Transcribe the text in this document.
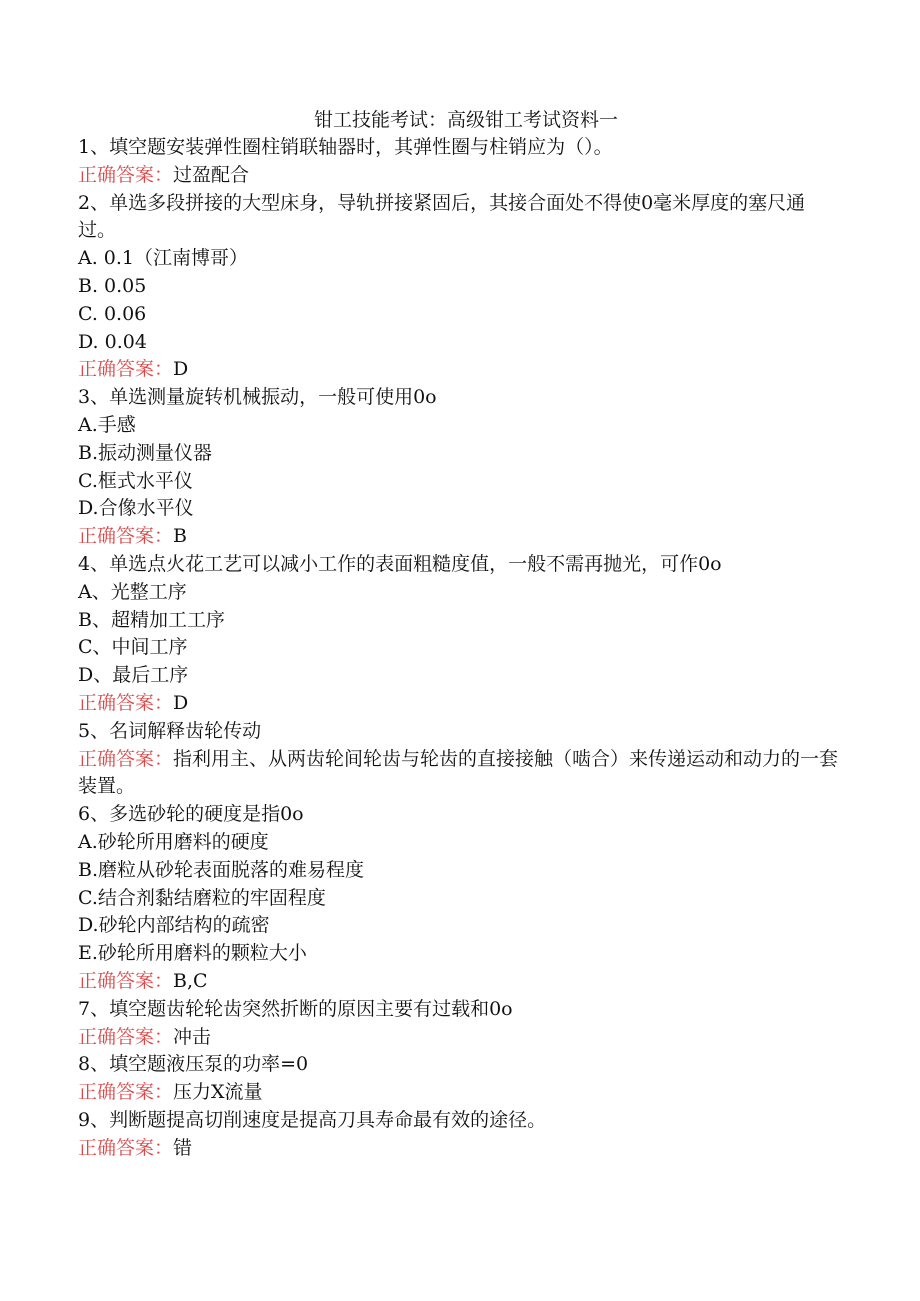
钳工技能考试：高级钳工考试资料一
1、填空题安装弹性圈柱销联轴器时，其弹性圈与柱销应为（）。
正确答案：过盈配合
2、单选多段拼接的大型床身，导轨拼接紧固后，其接合面处不得使0毫米厚度的塞尺通过。
A. 0.1（江南博哥）
B. 0.05
C. 0.06
D. 0.04
正确答案：D
3、单选测量旋转机械振动，一般可使用0o
A.手感
B.振动测量仪器
C.框式水平仪
D.合像水平仪
正确答案：B
4、单选点火花工艺可以减小工作的表面粗糙度值，一般不需再抛光，可作0o
A、光整工序
B、超精加工工序
C、中间工序
D、最后工序
正确答案：D
5、名词解释齿轮传动
正确答案：指利用主、从两齿轮间轮齿与轮齿的直接接触（啮合）来传递运动和动力的一套装置。
6、多选砂轮的硬度是指0o
A.砂轮所用磨料的硬度
B.磨粒从砂轮表面脱落的难易程度
C.结合剂黏结磨粒的牢固程度
D.砂轮内部结构的疏密
E.砂轮所用磨料的颗粒大小
正确答案：B,C
7、填空题齿轮轮齿突然折断的原因主要有过载和0o
正确答案：冲击
8、填空题液压泵的功率=0
正确答案：压力X流量
9、判断题提高切削速度是提高刀具寿命最有效的途径。
正确答案：错
